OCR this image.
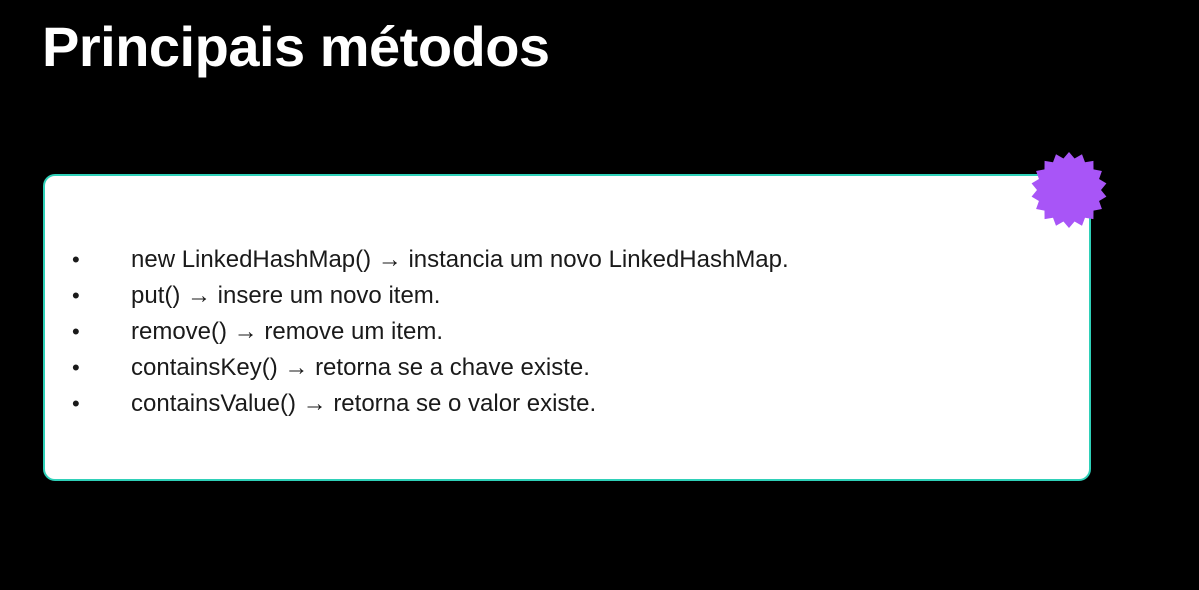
Principais métodos
• new LinkedHashMap() → instancia um novo LinkedHashMap.
• put() → insere um novo item.
• remove() → remove um item.
• containsKey() → retorna se a chave existe.
• containsValue() → retorna se o valor existe.
